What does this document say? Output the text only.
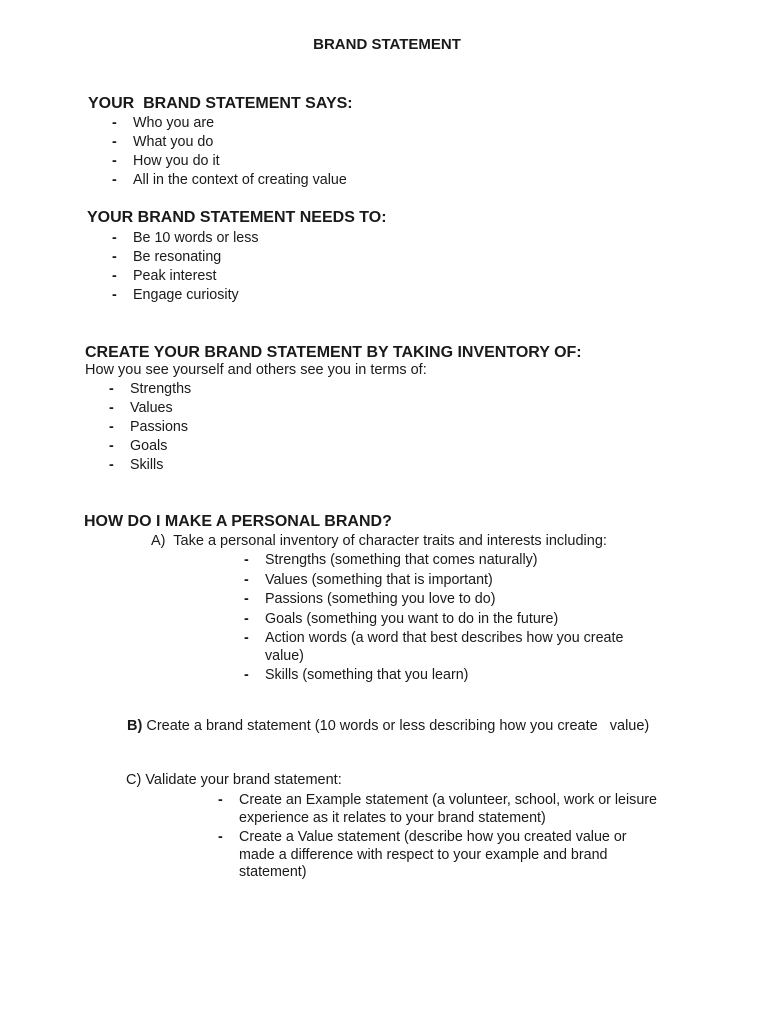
BRAND STATEMENT
YOUR  BRAND STATEMENT SAYS:
- Who you are
- What you do
- How you do it
- All in the context of creating value
YOUR BRAND STATEMENT NEEDS TO:
- Be 10 words or less
- Be resonating
- Peak interest
- Engage curiosity
CREATE YOUR BRAND STATEMENT BY TAKING INVENTORY OF:
How you see yourself and others see you in terms of:
- Strengths
- Values
- Passions
- Goals
- Skills
HOW DO I MAKE A PERSONAL BRAND?
A)  Take a personal inventory of character traits and interests including:
- Strengths (something that comes naturally)
- Values (something that is important)
- Passions (something you love to do)
- Goals (something you want to do in the future)
- Action words (a word that best describes how you create value)
- Skills (something that you learn)
B) Create a brand statement (10 words or less describing how you create   value)
C) Validate your brand statement:
- Create an Example statement (a volunteer, school, work or leisure experience as it relates to your brand statement)
- Create a Value statement (describe how you created value or made a difference with respect to your example and brand statement)
